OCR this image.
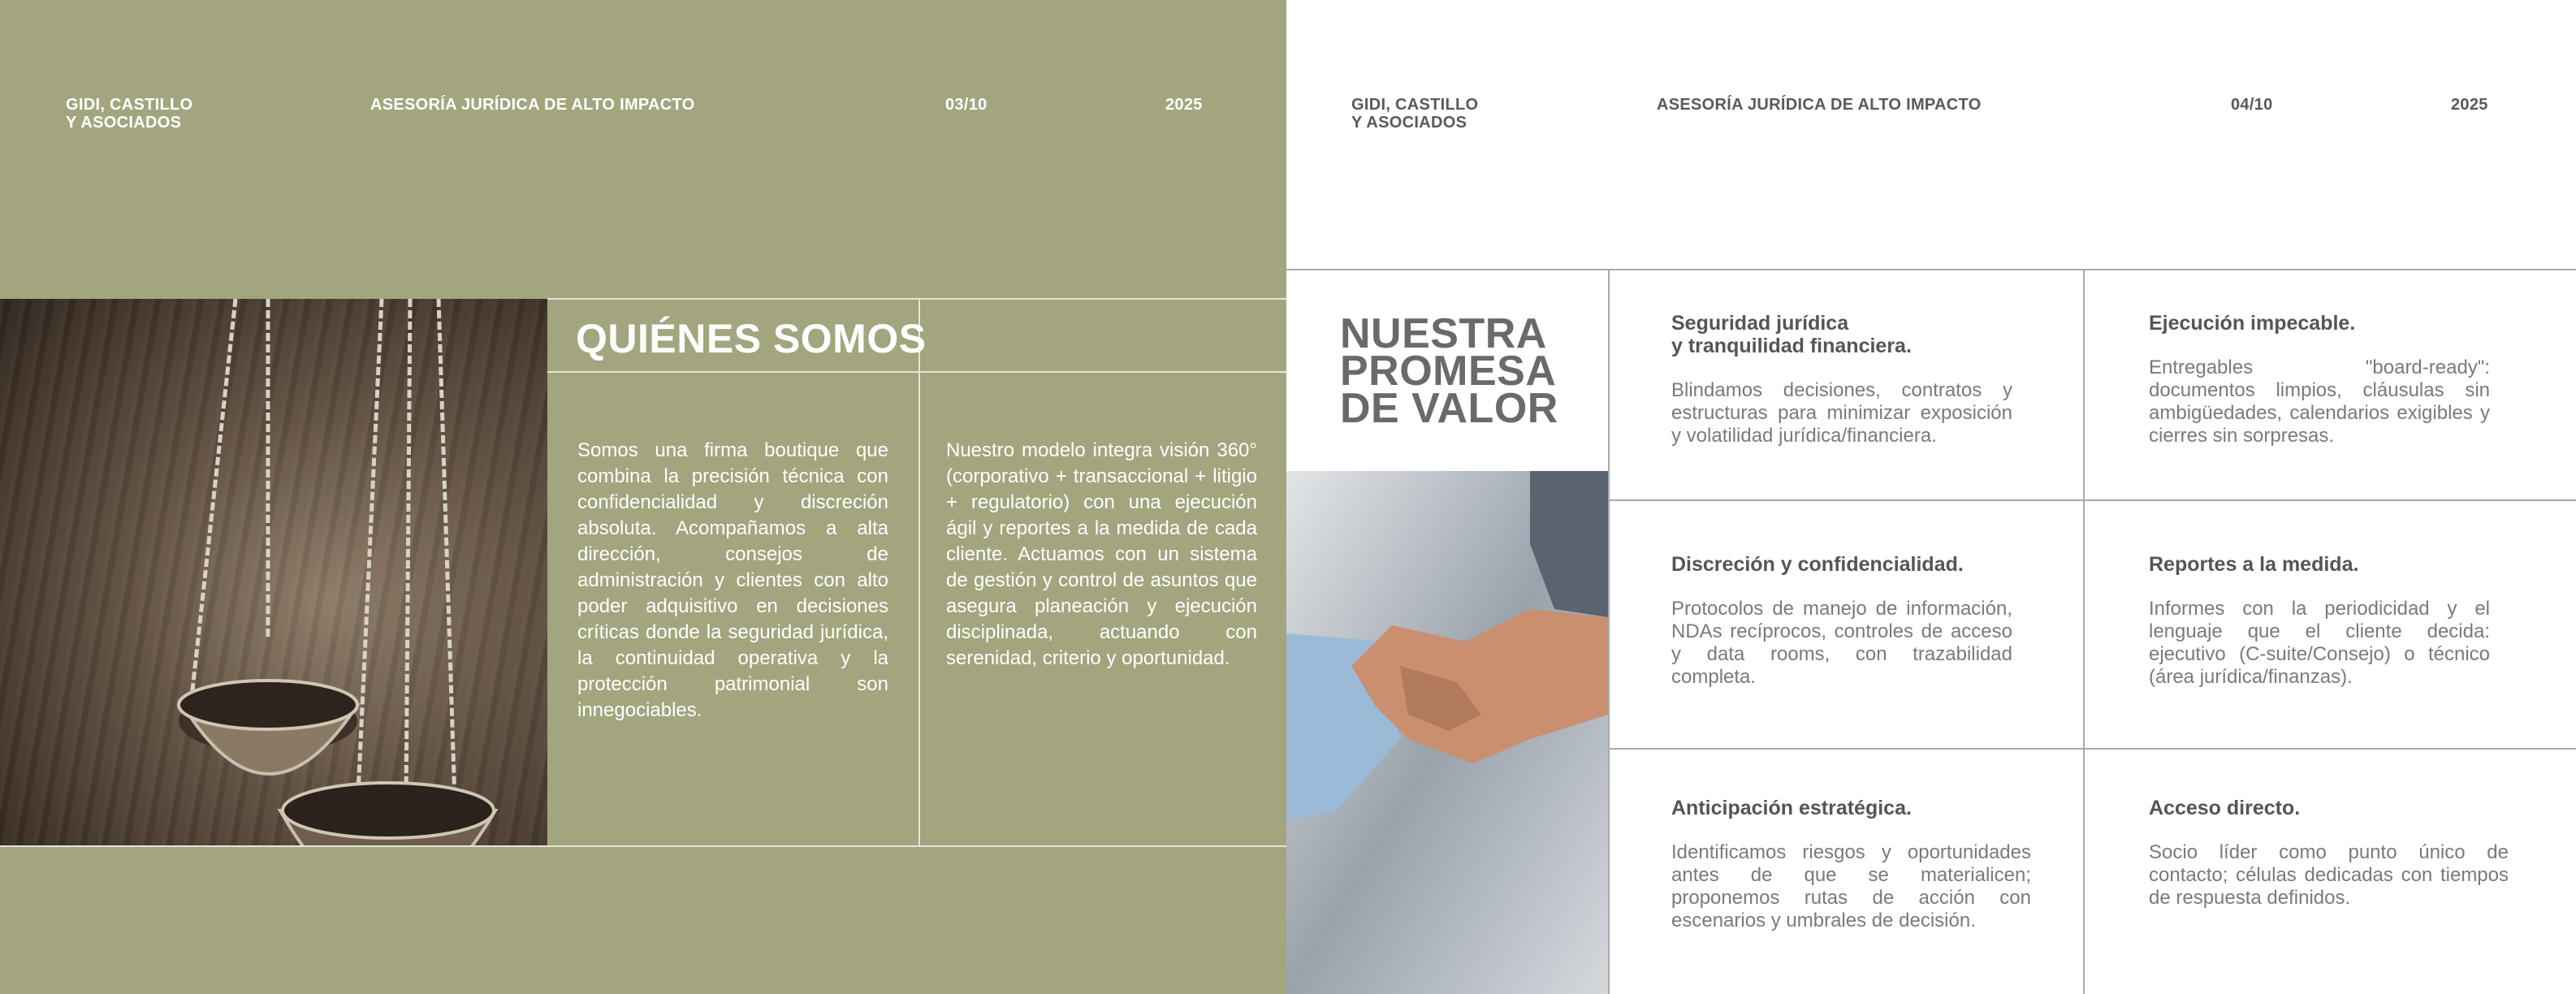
GIDI, CASTILLO
Y ASOCIADOS
ASESORÍA JURÍDICA DE ALTO IMPACTO	03/10	2025
QUIÉNES SOMOS
Somos una firma boutique que combina la precisión técnica con confidencialidad y discreción absoluta. Acompañamos a alta dirección, consejos de administración y clientes con alto poder adquisitivo en decisiones críticas donde la seguridad jurídica, la continuidad operativa y la protección patrimonial son innegociables.
Nuestro modelo integra visión 360° (corporativo + transaccional + litigio + regulatorio) con una ejecución ágil y reportes a la medida de cada cliente. Actuamos con un sistema de gestión y control de asuntos que asegura planeación y ejecución disciplinada, actuando con serenidad, criterio y oportunidad.
GIDI, CASTILLO
Y ASOCIADOS
ASESORÍA JURÍDICA DE ALTO IMPACTO	04/10	2025
NUESTRA
PROMESA
DE VALOR
Seguridad jurídica
y tranquilidad financiera.
Blindamos decisiones, contratos y estructuras para minimizar exposición y volatilidad jurídica/financiera.
Ejecución impecable.
Entregables "board-ready": documentos limpios, cláusulas sin ambigüedades, calendarios exigibles y cierres sin sorpresas.
Discreción y confidencialidad.
Protocolos de manejo de información, NDAs recíprocos, controles de acceso y data rooms, con trazabilidad completa.
Reportes a la medida.
Informes con la periodicidad y el lenguaje que el cliente decida: ejecutivo (C-suite/Consejo) o técnico (área jurídica/finanzas).
Anticipación estratégica.
Identificamos riesgos y oportunidades antes de que se materialicen; proponemos rutas de acción con escenarios y umbrales de decisión.
Acceso directo.
Socio líder como punto único de contacto; células dedicadas con tiempos de respuesta definidos.
